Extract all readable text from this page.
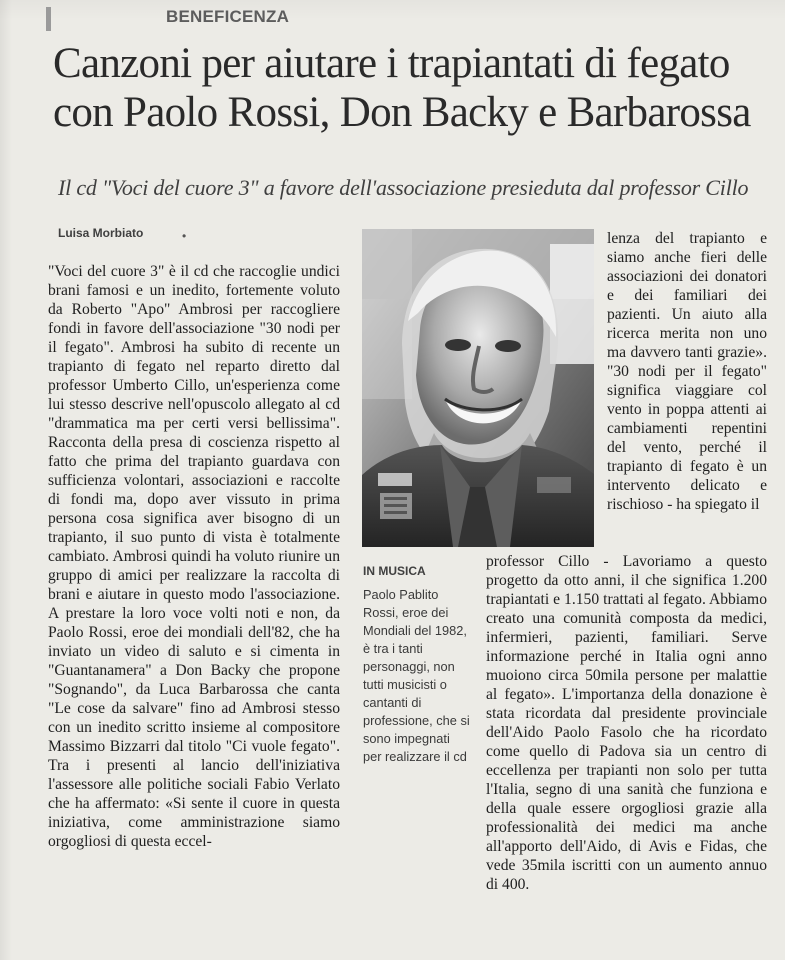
BENEFICENZA
Canzoni per aiutare i trapiantati di fegato con Paolo Rossi, Don Backy e Barbarossa
Il cd "Voci del cuore 3" a favore dell'associazione presieduta dal professor Cillo
Luisa Morbiato	•

"Voci del cuore 3" è il cd che raccoglie undici brani famosi e un inedito, fortemente voluto da Roberto "Apo" Ambrosi per raccogliere fondi in favore dell'associazione "30 nodi per il fegato". Ambrosi ha subito di recente un trapianto di fegato nel reparto diretto dal professor Umberto Cillo, un'esperienza come lui stesso descrive nell'opuscolo allegato al cd "drammatica ma per certi versi bellissima". Racconta della presa di coscienza rispetto al fatto che prima del trapianto guardava con sufficienza volontari, associazioni e raccolte di fondi ma, dopo aver vissuto in prima persona cosa significa aver bisogno di un trapianto, il suo punto di vista è totalmente cambiato. Ambrosi quindi ha voluto riunire un gruppo di amici per realizzare la raccolta di brani e aiutare in questo modo l'associazione. A prestare la loro voce volti noti e non, da Paolo Rossi, eroe dei mondiali dell'82, che ha inviato un video di saluto e si cimenta in "Guantanamera" a Don Backy che propone "Sognando", da Luca Barbarossa che canta "Le cose da salvare" fino ad Ambrosi stesso con un inedito scritto insieme al compositore Massimo Bizzarri dal titolo "Ci vuole fegato". Tra i presenti al lancio dell'iniziativa l'assessore alle politiche sociali Fabio Verlato che ha affermato: «Si sente il cuore in questa iniziativa, come amministrazione siamo orgogliosi di questa eccel-

IN MUSICA
Paolo Pablito Rossi, eroe dei Mondiali del 1982, è tra i tanti personaggi, non tutti musicisti o cantanti di professione, che si sono impegnati per realizzare il cd

lenza del trapianto e siamo anche fieri delle associazioni dei donatori e dei familiari dei pazienti. Un aiuto alla ricerca merita non uno ma davvero tanti grazie». "30 nodi per il fegato" significa viaggiare col vento in poppa attenti ai cambiamenti repentini del vento, perché il trapianto di fegato è un intervento delicato e rischioso - ha spiegato il

professor Cillo - Lavoriamo a questo progetto da otto anni, il che significa 1.200 trapiantati e 1.150 trattati al fegato. Abbiamo creato una comunità composta da medici, infermieri, pazienti, familiari. Serve informazione perché in Italia ogni anno muoiono circa 50mila persone per malattie al fegato». L'importanza della donazione è stata ricordata dal presidente provinciale dell'Aido Paolo Fasolo che ha ricordato come quello di Padova sia un centro di eccellenza per trapianti non solo per tutta l'Italia, segno di una sanità che funziona e della quale essere orgogliosi grazie alla professionalità dei medici ma anche all'apporto dell'Aido, di Avis e Fidas, che vede 35mila iscritti con un aumento annuo di 400.
